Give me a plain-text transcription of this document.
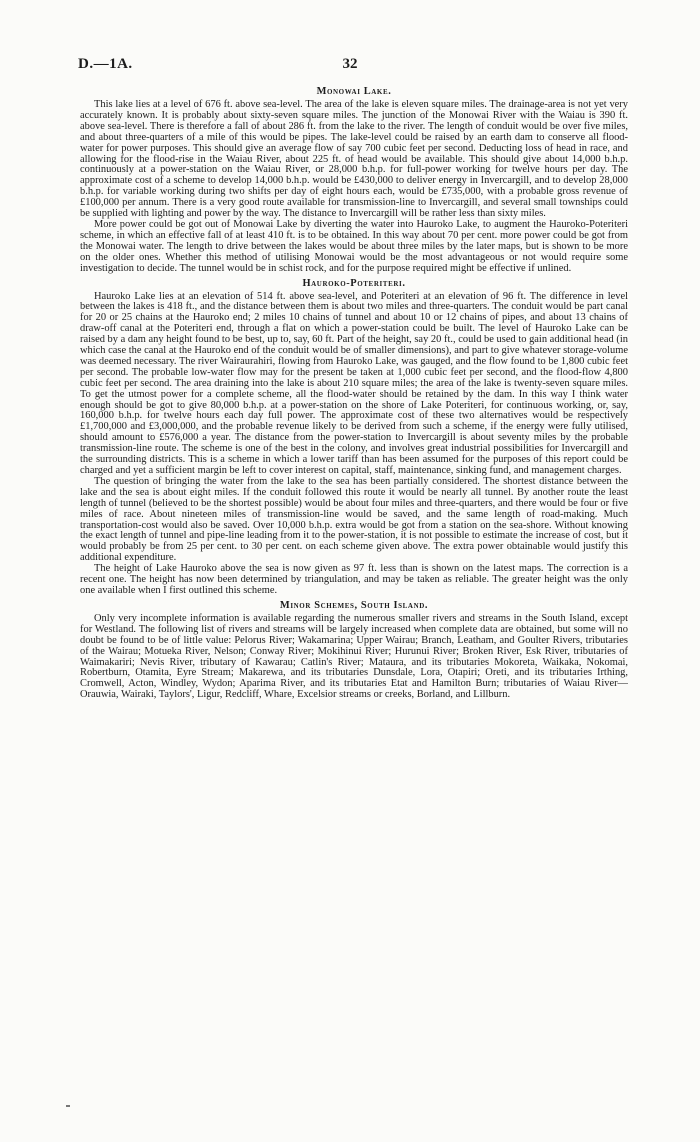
D.—1A.	32
Monowai Lake.

This lake lies at a level of 676 ft. above sea-level. The area of the lake is eleven square miles. The drainage-area is not yet very accurately known. It is probably about sixty-seven square miles. The junction of the Monowai River with the Waiau is 390 ft. above sea-level. There is therefore a fall of about 286 ft. from the lake to the river. The length of conduit would be over five miles, and about three-quarters of a mile of this would be pipes. The lake-level could be raised by an earth dam to conserve all flood-water for power purposes. This should give an average flow of say 700 cubic feet per second. Deducting loss of head in race, and allowing for the flood-rise in the Waiau River, about 225 ft. of head would be available. This should give about 14,000 b.h.p. continuously at a power-station on the Waiau River, or 28,000 b.h.p. for full-power working for twelve hours per day. The approximate cost of a scheme to develop 14,000 b.h.p. would be £430,000 to deliver energy in Invercargill, and to develop 28,000 b.h.p. for variable working during two shifts per day of eight hours each, would be £735,000, with a probable gross revenue of £100,000 per annum. There is a very good route available for transmission-line to Invercargill, and several small townships could be supplied with lighting and power by the way. The distance to Invercargill will be rather less than sixty miles.

More power could be got out of Monowai Lake by diverting the water into Hauroko Lake, to augment the Hauroko-Poteriteri scheme, in which an effective fall of at least 410 ft. is to be obtained. In this way about 70 per cent. more power could be got from the Monowai water. The length to drive between the lakes would be about three miles by the later maps, but is shown to be more on the older ones. Whether this method of utilising Monowai would be the most advantageous or not would require some investigation to decide. The tunnel would be in schist rock, and for the purpose required might be effective if unlined.

Hauroko-Poteriteri.

Hauroko Lake lies at an elevation of 514 ft. above sea-level, and Poteriteri at an elevation of 96 ft. The difference in level between the lakes is 418 ft., and the distance between them is about two miles and three-quarters. The conduit would be part canal for 20 or 25 chains at the Hauroko end; 2 miles 10 chains of tunnel and about 10 or 12 chains of pipes, and about 13 chains of draw-off canal at the Poteriteri end, through a flat on which a power-station could be built. The level of Hauroko Lake can be raised by a dam any height found to be best, up to, say, 60 ft. Part of the height, say 20 ft., could be used to gain additional head (in which case the canal at the Hauroko end of the conduit would be of smaller dimensions), and part to give whatever storage-volume was deemed necessary. The river Wairaurahiri, flowing from Hauroko Lake, was gauged, and the flow found to be 1,800 cubic feet per second. The probable low-water flow may for the present be taken at 1,000 cubic feet per second, and the flood-flow 4,800 cubic feet per second. The area draining into the lake is about 210 square miles; the area of the lake is twenty-seven square miles. To get the utmost power for a complete scheme, all the flood-water should be retained by the dam. In this way I think water enough should be got to give 80,000 b.h.p. at a power-station on the shore of Lake Poteriteri, for continuous working, or, say, 160,000 b.h.p. for twelve hours each day full power. The approximate cost of these two alternatives would be respectively £1,700,000 and £3,000,000, and the probable revenue likely to be derived from such a scheme, if the energy were fully utilised, should amount to £576,000 a year. The distance from the power-station to Invercargill is about seventy miles by the probable transmission-line route. The scheme is one of the best in the colony, and involves great industrial possibilities for Invercargill and the surrounding districts. This is a scheme in which a lower tariff than has been assumed for the purposes of this report could be charged and yet a sufficient margin be left to cover interest on capital, staff, maintenance, sinking fund, and management charges.

The question of bringing the water from the lake to the sea has been partially considered. The shortest distance between the lake and the sea is about eight miles. If the conduit followed this route it would be nearly all tunnel. By another route the least length of tunnel (believed to be the shortest possible) would be about four miles and three-quarters, and there would be four or five miles of race. About nineteen miles of transmission-line would be saved, and the same length of road-making. Much transportation-cost would also be saved. Over 10,000 b.h.p. extra would be got from a station on the sea-shore. Without knowing the exact length of tunnel and pipe-line leading from it to the power-station, it is not possible to estimate the increase of cost, but it would probably be from 25 per cent. to 30 per cent. on each scheme given above. The extra power obtainable would justify this additional expenditure.

The height of Lake Hauroko above the sea is now given as 97 ft. less than is shown on the latest maps. The correction is a recent one. The height has now been determined by triangulation, and may be taken as reliable. The greater height was the only one available when I first outlined this scheme.

Minor Schemes, South Island.

Only very incomplete information is available regarding the numerous smaller rivers and streams in the South Island, except for Westland. The following list of rivers and streams will be largely increased when complete data are obtained, but some will no doubt be found to be of little value: Pelorus River; Wakamarina; Upper Wairau; Branch, Leatham, and Goulter Rivers, tributaries of the Wairau; Motueka River, Nelson; Conway River; Mokihinui River; Hurunui River; Broken River, Esk River, tributaries of Waimakariri; Nevis River, tributary of Kawarau; Catlin's River; Mataura, and its tributaries Mokoreta, Waikaka, Nokomai, Robertburn, Otamita, Eyre Stream; Makarewa, and its tributaries Dunsdale, Lora, Otapiri; Oreti, and its tributaries Irthing, Cromwell, Acton, Windley, Wydon; Aparima River, and its tributaries Etat and Hamilton Burn; tributaries of Waiau River—Orauwia, Wairaki, Taylors', Ligur, Redcliff, Whare, Excelsior streams or creeks, Borland, and Lillburn.
